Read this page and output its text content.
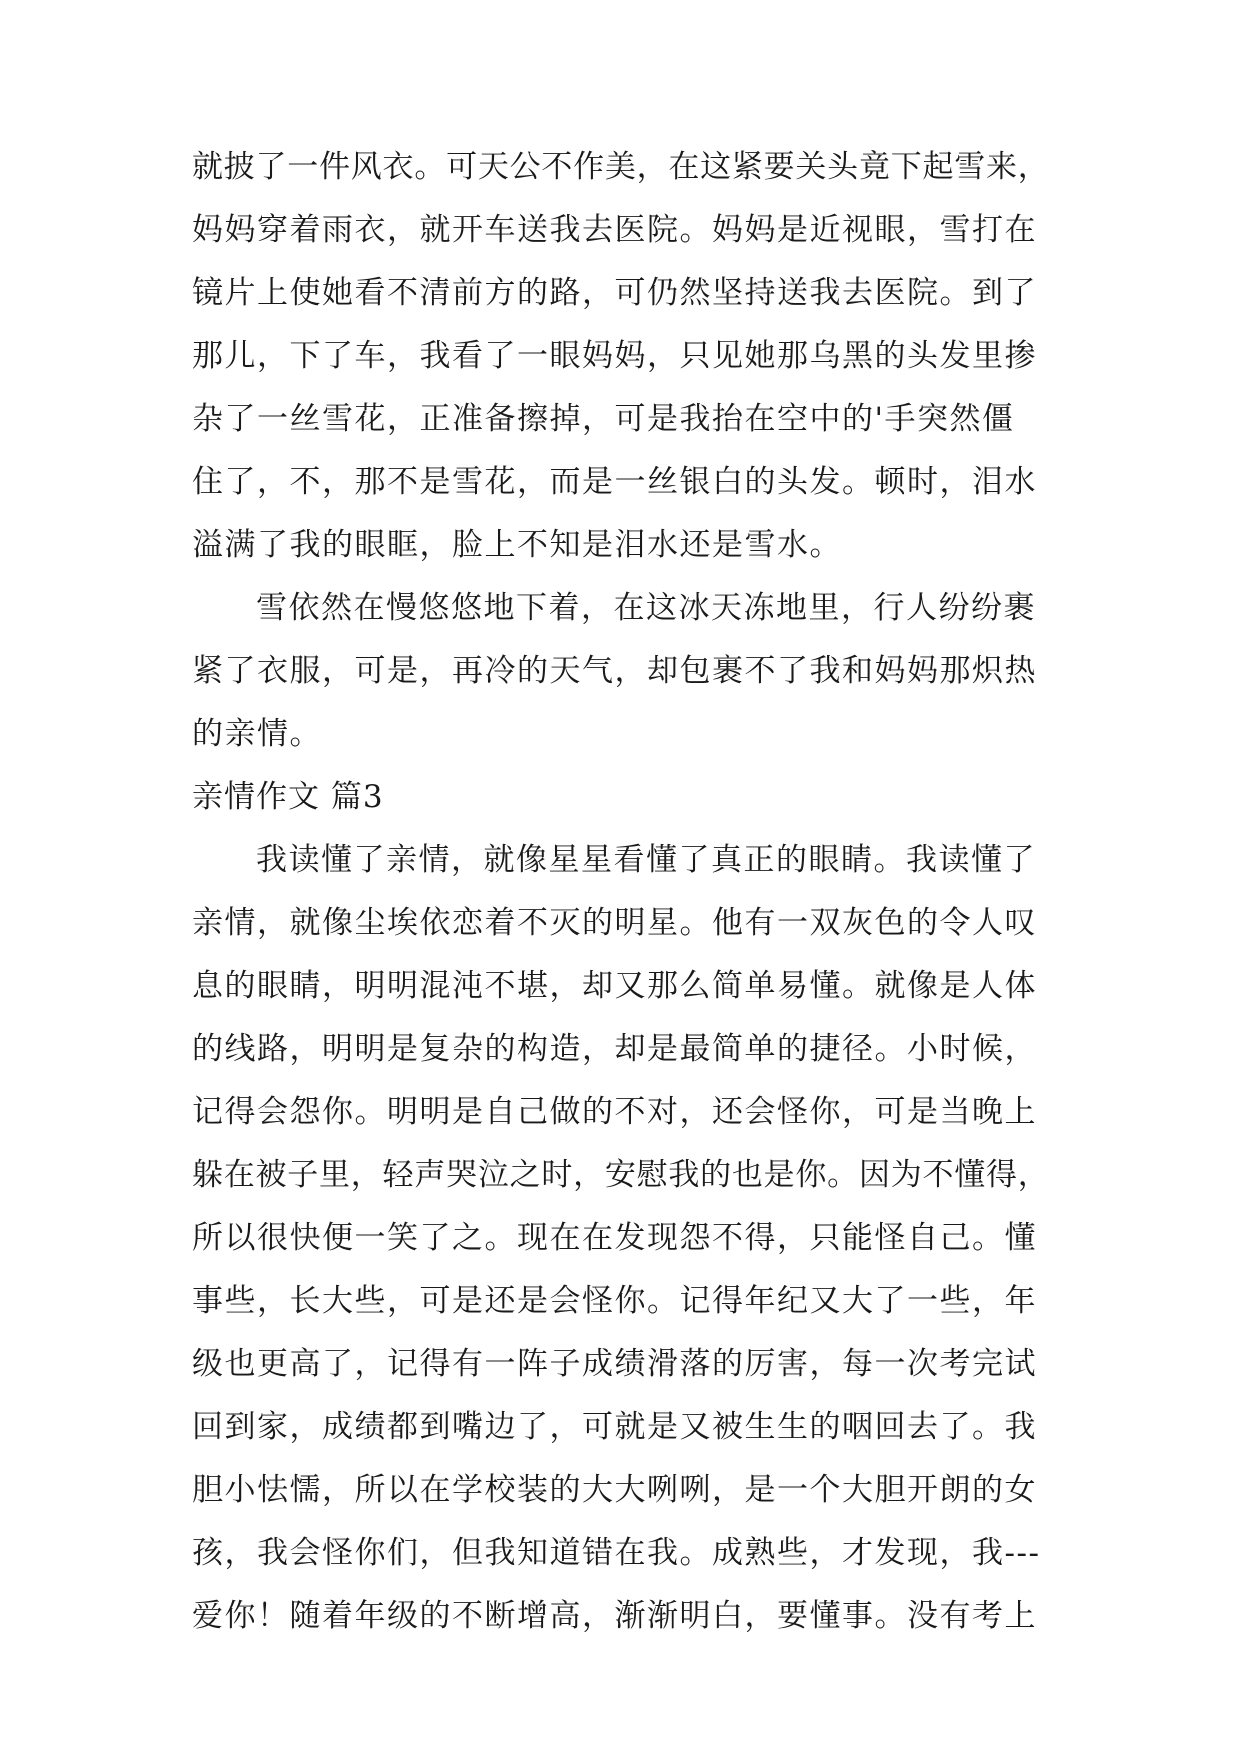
就披了一件风衣。可天公不作美，在这紧要关头竟下起雪来，
妈妈穿着雨衣，就开车送我去医院。妈妈是近视眼，雪打在
镜片上使她看不清前方的路，可仍然坚持送我去医院。到了
那儿，下了车，我看了一眼妈妈，只见她那乌黑的头发里掺
杂了一丝雪花，正准备擦掉，可是我抬在空中的'手突然僵
住了，不，那不是雪花，而是一丝银白的头发。顿时，泪水
溢满了我的眼眶，脸上不知是泪水还是雪水。
雪依然在慢悠悠地下着，在这冰天冻地里，行人纷纷裹
紧了衣服，可是，再冷的天气，却包裹不了我和妈妈那炽热
的亲情。
亲情作文 篇3
我读懂了亲情，就像星星看懂了真正的眼睛。我读懂了
亲情，就像尘埃依恋着不灭的明星。他有一双灰色的令人叹
息的眼睛，明明混沌不堪，却又那么简单易懂。就像是人体
的线路，明明是复杂的构造，却是最简单的捷径。小时候，
记得会怨你。明明是自己做的不对，还会怪你，可是当晚上
躲在被子里，轻声哭泣之时，安慰我的也是你。因为不懂得，
所以很快便一笑了之。现在在发现怨不得，只能怪自己。懂
事些，长大些，可是还是会怪你。记得年纪又大了一些，年
级也更高了，记得有一阵子成绩滑落的厉害，每一次考完试
回到家，成绩都到嘴边了，可就是又被生生的咽回去了。我
胆小怯懦，所以在学校装的大大咧咧，是一个大胆开朗的女
孩，我会怪你们，但我知道错在我。成熟些，才发现，我---
爱你！随着年级的不断增高，渐渐明白，要懂事。没有考上
